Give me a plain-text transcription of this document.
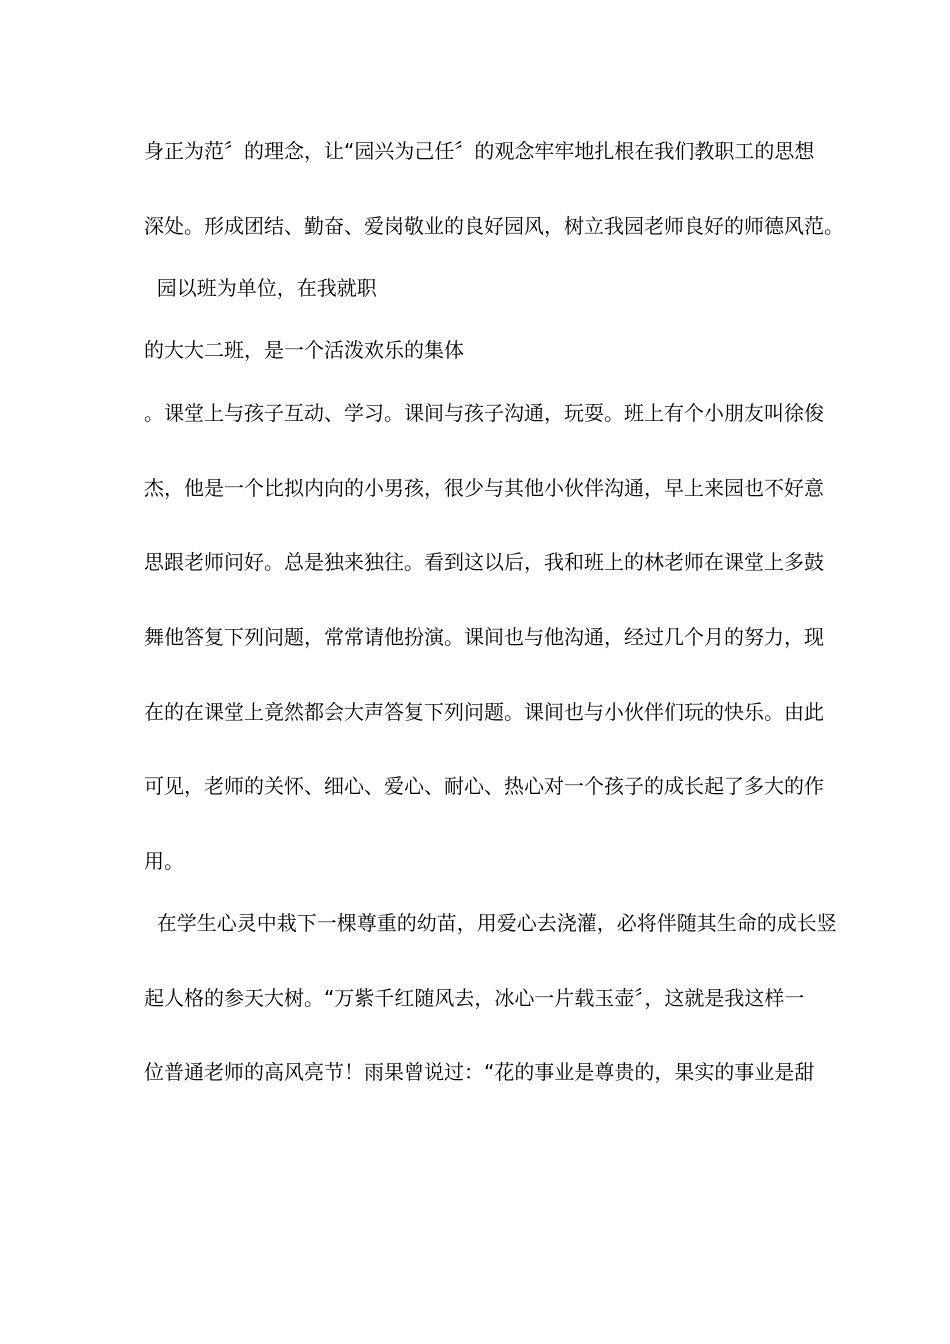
身正为范〞的理念，让“园兴为己任〞的观念牢牢地扎根在我们教职工的思想
深处。形成团结、勤奋、爱岗敬业的良好园风，树立我园老师良好的师德风范。
园以班为单位，在我就职
的大大二班，是一个活泼欢乐的集体
。课堂上与孩子互动、学习。课间与孩子沟通，玩耍。班上有个小朋友叫徐俊
杰，他是一个比拟内向的小男孩，很少与其他小伙伴沟通，早上来园也不好意
思跟老师问好。总是独来独往。看到这以后，我和班上的林老师在课堂上多鼓
舞他答复下列问题，常常请他扮演。课间也与他沟通，经过几个月的努力，现
在的在课堂上竟然都会大声答复下列问题。课间也与小伙伴们玩的快乐。由此
可见，老师的关怀、细心、爱心、耐心、热心对一个孩子的成长起了多大的作
用。
在学生心灵中栽下一棵尊重的幼苗，用爱心去浇灌，必将伴随其生命的成长竖
起人格的参天大树。“万紫千红随风去，冰心一片载玉壶〞，这就是我这样一
位普通老师的高风亮节！雨果曾说过：“花的事业是尊贵的，果实的事业是甜
